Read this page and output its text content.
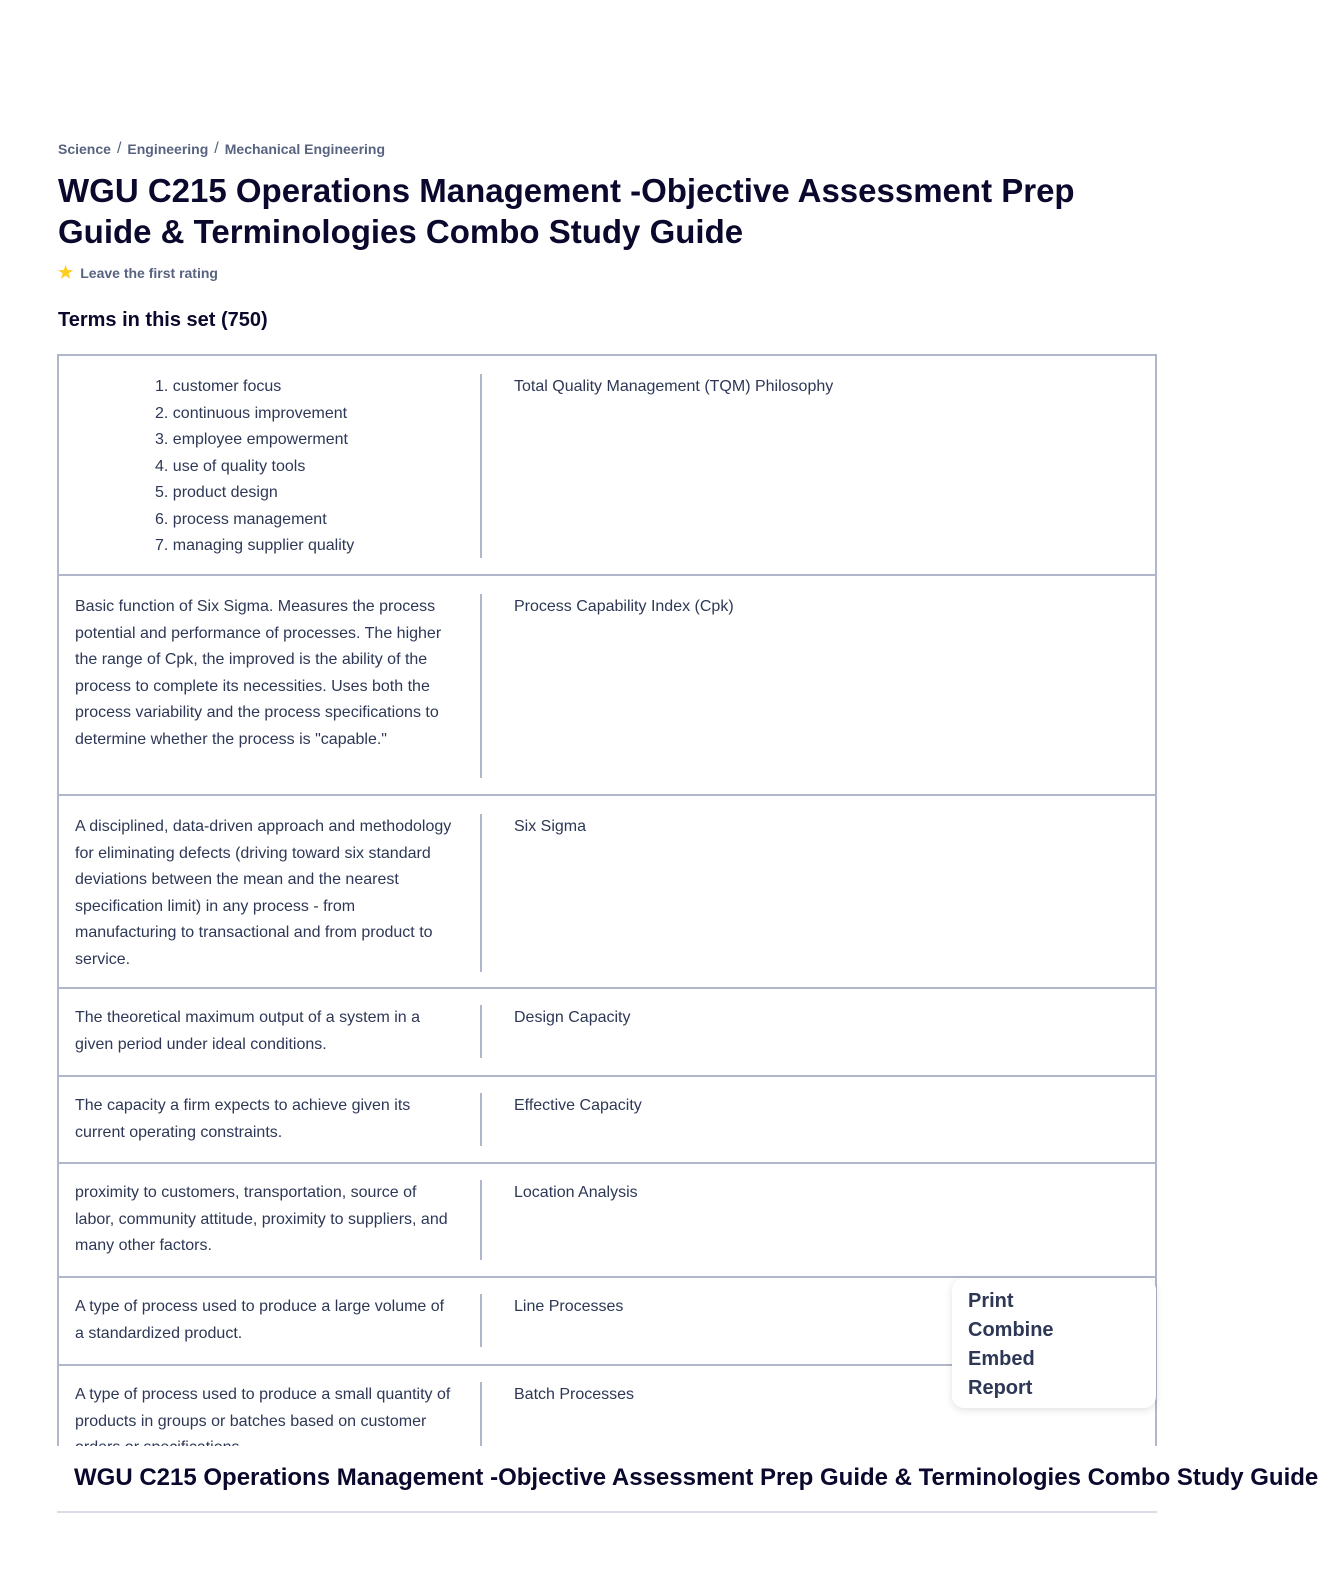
Science / Engineering / Mechanical Engineering
WGU C215 Operations Management -Objective Assessment Prep Guide & Terminologies Combo Study Guide
★ Leave the first rating
Terms in this set (750)
1. customer focus
2. continuous improvement
3. employee empowerment
4. use of quality tools
5. product design
6. process management
7. managing supplier quality
Total Quality Management (TQM) Philosophy
Basic function of Six Sigma. Measures the process potential and performance of processes. The higher the range of Cpk, the improved is the ability of the process to complete its necessities. Uses both the process variability and the process specifications to determine whether the process is "capable."
Process Capability Index (Cpk)
A disciplined, data-driven approach and methodology for eliminating defects (driving toward six standard deviations between the mean and the nearest specification limit) in any process - from manufacturing to transactional and from product to service.
Six Sigma
The theoretical maximum output of a system in a given period under ideal conditions.
Design Capacity
The capacity a firm expects to achieve given its current operating constraints.
Effective Capacity
proximity to customers, transportation, source of labor, community attitude, proximity to suppliers, and many other factors.
Location Analysis
A type of process used to produce a large volume of a standardized product.
Line Processes
A type of process used to produce a small quantity of products in groups or batches based on customer
Batch Processes
Print
Combine
Embed
Report
WGU C215 Operations Management -Objective Assessment Prep Guide & Terminologies Combo Study Guide
